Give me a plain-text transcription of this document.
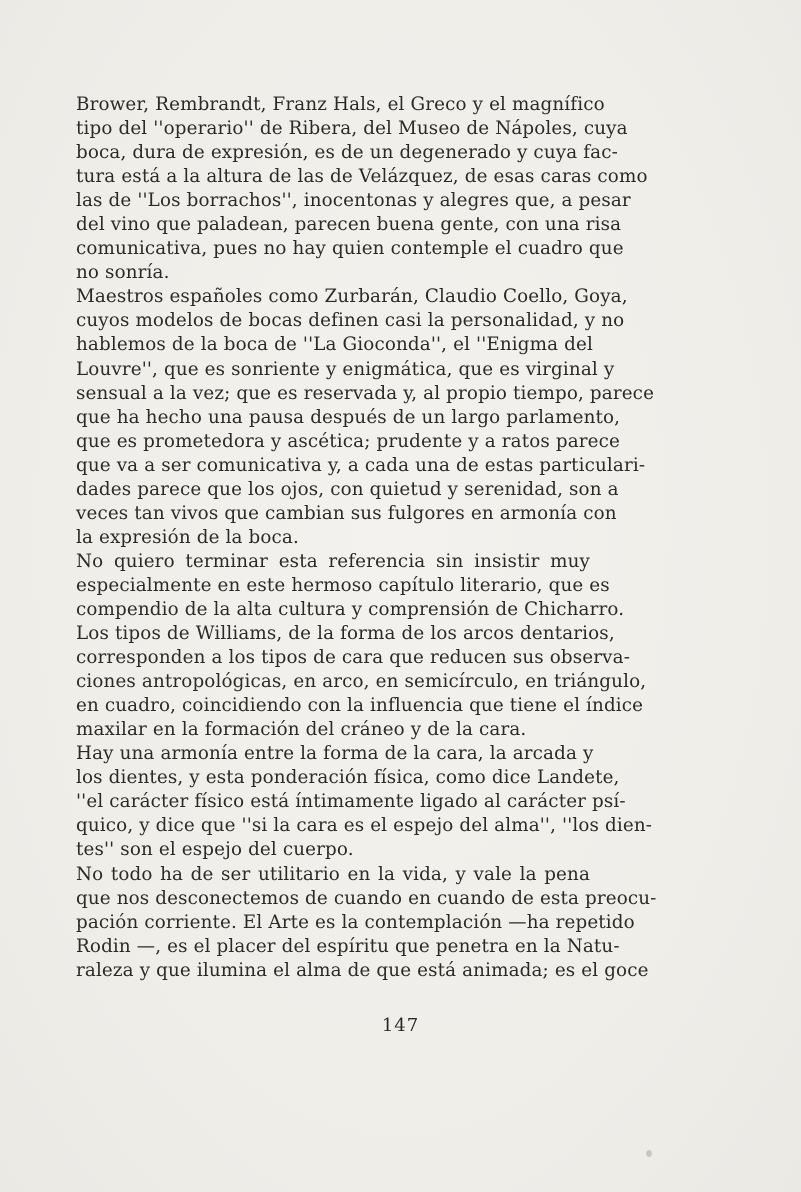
Brower, Rembrandt, Franz Hals, el Greco y el magnífico
tipo del ''operario'' de Ribera, del Museo de Nápoles, cuya
boca, dura de expresión, es de un degenerado y cuya fac-
tura está a la altura de las de Velázquez, de esas caras como
las de ''Los borrachos'', inocentonas y alegres que, a pesar
del vino que paladean, parecen buena gente, con una risa
comunicativa, pues no hay quien contemple el cuadro que
no sonría.
Maestros españoles como Zurbarán, Claudio Coello, Goya,
cuyos modelos de bocas definen casi la personalidad, y no
hablemos de la boca de ''La Gioconda'', el ''Enigma del
Louvre'', que es sonriente y enigmática, que es virginal y
sensual a la vez; que es reservada y, al propio tiempo, parece
que ha hecho una pausa después de un largo parlamento,
que es prometedora y ascética; prudente y a ratos parece
que va a ser comunicativa y, a cada una de estas particulari-
dades parece que los ojos, con quietud y serenidad, son a
veces tan vivos que cambian sus fulgores en armonía con
la expresión de la boca.
No quiero terminar esta referencia sin insistir muy
especialmente en este hermoso capítulo literario, que es
compendio de la alta cultura y comprensión de Chicharro.
Los tipos de Williams, de la forma de los arcos dentarios,
corresponden a los tipos de cara que reducen sus observa-
ciones antropológicas, en arco, en semicírculo, en triángulo,
en cuadro, coincidiendo con la influencia que tiene el índice
maxilar en la formación del cráneo y de la cara.
Hay una armonía entre la forma de la cara, la arcada y
los dientes, y esta ponderación física, como dice Landete,
''el carácter físico está íntimamente ligado al carácter psí-
quico, y dice que ''si la cara es el espejo del alma'', ''los dien-
tes'' son el espejo del cuerpo.
No todo ha de ser utilitario en la vida, y vale la pena
que nos desconectemos de cuando en cuando de esta preocu-
pación corriente. El Arte es la contemplación —ha repetido
Rodin —, es el placer del espíritu que penetra en la Natu-
raleza y que ilumina el alma de que está animada; es el goce
147
